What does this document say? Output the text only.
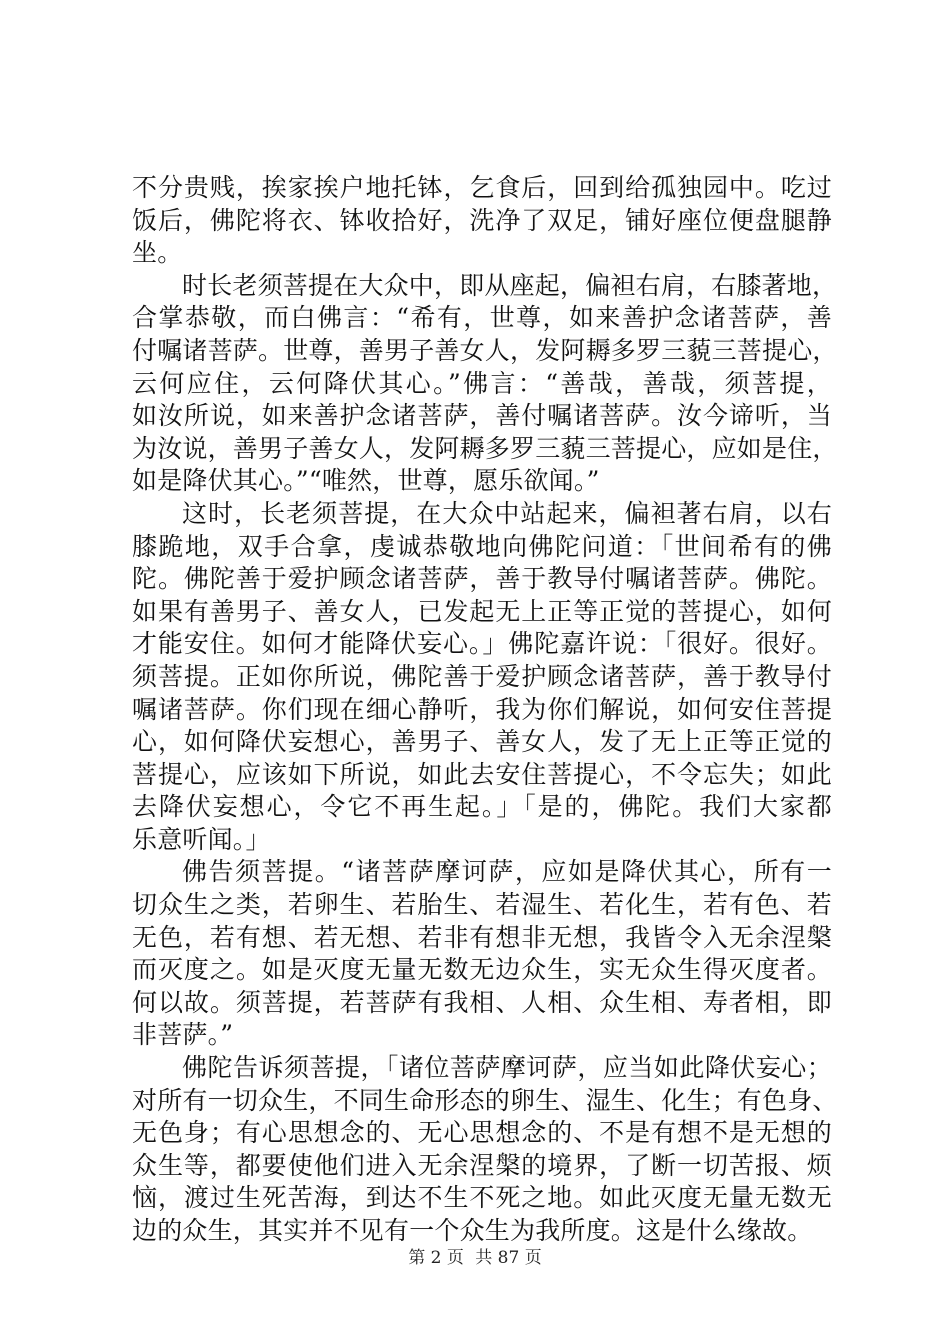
不分贵贱，挨家挨户地托钵，乞食后，回到给孤独园中。吃过
饭后，佛陀将衣、钵收拾好，洗净了双足，铺好座位便盘腿静
坐。
时长老须菩提在大众中，即从座起，偏袒右肩，右膝著地，
合掌恭敬，而白佛言：“希有，世尊，如来善护念诸菩萨，善
付嘱诸菩萨。世尊，善男子善女人，发阿耨多罗三藐三菩提心，
云何应住，云何降伏其心。”佛言：“善哉，善哉，须菩提，
如汝所说，如来善护念诸菩萨，善付嘱诸菩萨。汝今谛听，当
为汝说，善男子善女人，发阿耨多罗三藐三菩提心，应如是住，
如是降伏其心。”“唯然，世尊，愿乐欲闻。”
这时，长老须菩提，在大众中站起来，偏袒著右肩，以右
膝跪地，双手合拿，虔诚恭敬地向佛陀问道：「世间希有的佛
陀。佛陀善于爱护顾念诸菩萨，善于教导付嘱诸菩萨。佛陀。
如果有善男子、善女人，已发起无上正等正觉的菩提心，如何
才能安住。如何才能降伏妄心。」佛陀嘉许说：「很好。很好。
须菩提。正如你所说，佛陀善于爱护顾念诸菩萨，善于教导付
嘱诸菩萨。你们现在细心静听，我为你们解说，如何安住菩提
心，如何降伏妄想心，善男子、善女人，发了无上正等正觉的
菩提心，应该如下所说，如此去安住菩提心，不令忘失；如此
去降伏妄想心，令它不再生起。」「是的，佛陀。我们大家都
乐意听闻。」
佛告须菩提。“诸菩萨摩诃萨，应如是降伏其心，所有一
切众生之类，若卵生、若胎生、若湿生、若化生，若有色、若
无色，若有想、若无想、若非有想非无想，我皆令入无余涅槃
而灭度之。如是灭度无量无数无边众生，实无众生得灭度者。
何以故。须菩提，若菩萨有我相、人相、众生相、寿者相，即
非菩萨。”
佛陀告诉须菩提，「诸位菩萨摩诃萨，应当如此降伏妄心；
对所有一切众生，不同生命形态的卵生、湿生、化生；有色身、
无色身；有心思想念的、无心思想念的、不是有想不是无想的
众生等，都要使他们进入无余涅槃的境界，了断一切苦报、烦
恼，渡过生死苦海，到达不生不死之地。如此灭度无量无数无
边的众生，其实并不见有一个众生为我所度。这是什么缘故。
第 2 页 共 87 页
